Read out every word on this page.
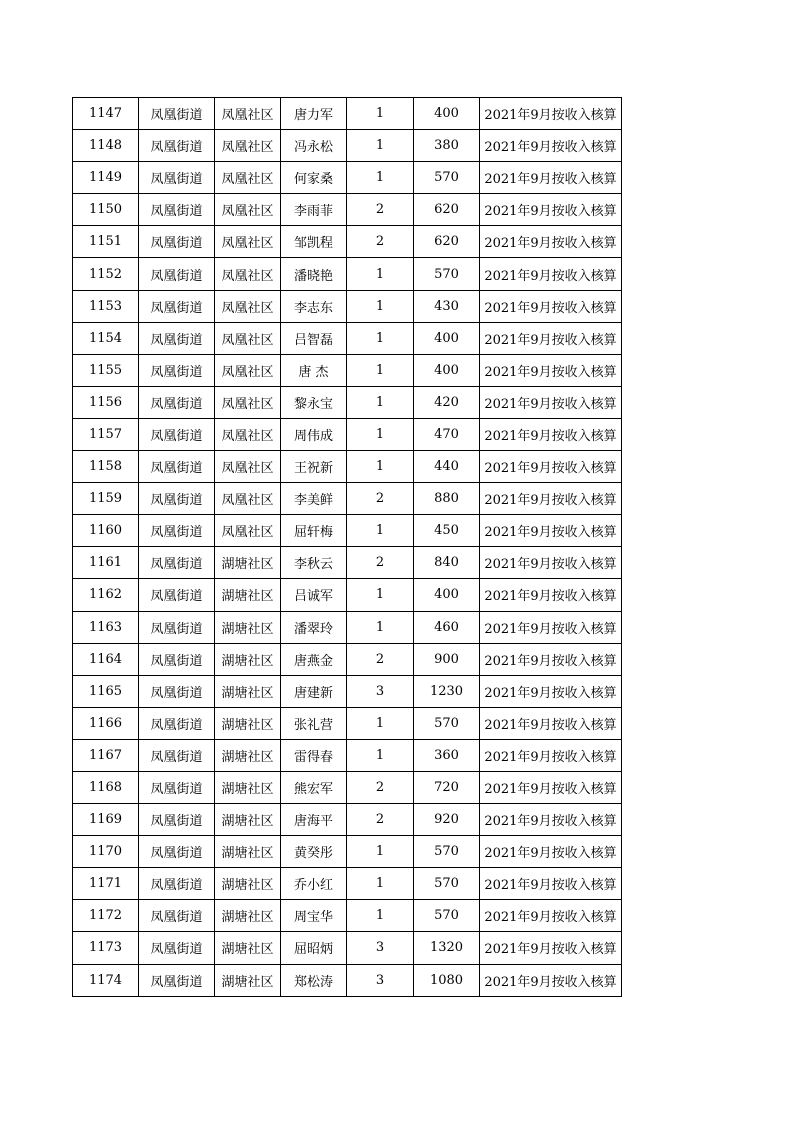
1147	凤凰街道	凤凰社区	唐力军	1	400	2021年9月按收入核算
1148	凤凰街道	凤凰社区	冯永松	1	380	2021年9月按收入核算
1149	凤凰街道	凤凰社区	何家桑	1	570	2021年9月按收入核算
1150	凤凰街道	凤凰社区	李雨菲	2	620	2021年9月按收入核算
1151	凤凰街道	凤凰社区	邹凯程	2	620	2021年9月按收入核算
1152	凤凰街道	凤凰社区	潘晓艳	1	570	2021年9月按收入核算
1153	凤凰街道	凤凰社区	李志东	1	430	2021年9月按收入核算
1154	凤凰街道	凤凰社区	吕智磊	1	400	2021年9月按收入核算
1155	凤凰街道	凤凰社区	唐 杰	1	400	2021年9月按收入核算
1156	凤凰街道	凤凰社区	黎永宝	1	420	2021年9月按收入核算
1157	凤凰街道	凤凰社区	周伟成	1	470	2021年9月按收入核算
1158	凤凰街道	凤凰社区	王祝新	1	440	2021年9月按收入核算
1159	凤凰街道	凤凰社区	李美鲜	2	880	2021年9月按收入核算
1160	凤凰街道	凤凰社区	屈轩梅	1	450	2021年9月按收入核算
1161	凤凰街道	湖塘社区	李秋云	2	840	2021年9月按收入核算
1162	凤凰街道	湖塘社区	吕诚军	1	400	2021年9月按收入核算
1163	凤凰街道	湖塘社区	潘翠玲	1	460	2021年9月按收入核算
1164	凤凰街道	湖塘社区	唐燕金	2	900	2021年9月按收入核算
1165	凤凰街道	湖塘社区	唐建新	3	1230	2021年9月按收入核算
1166	凤凰街道	湖塘社区	张礼营	1	570	2021年9月按收入核算
1167	凤凰街道	湖塘社区	雷得春	1	360	2021年9月按收入核算
1168	凤凰街道	湖塘社区	熊宏军	2	720	2021年9月按收入核算
1169	凤凰街道	湖塘社区	唐海平	2	920	2021年9月按收入核算
1170	凤凰街道	湖塘社区	黄癸彤	1	570	2021年9月按收入核算
1171	凤凰街道	湖塘社区	乔小红	1	570	2021年9月按收入核算
1172	凤凰街道	湖塘社区	周宝华	1	570	2021年9月按收入核算
1173	凤凰街道	湖塘社区	屈昭炳	3	1320	2021年9月按收入核算
1174	凤凰街道	湖塘社区	郑松涛	3	1080	2021年9月按收入核算
